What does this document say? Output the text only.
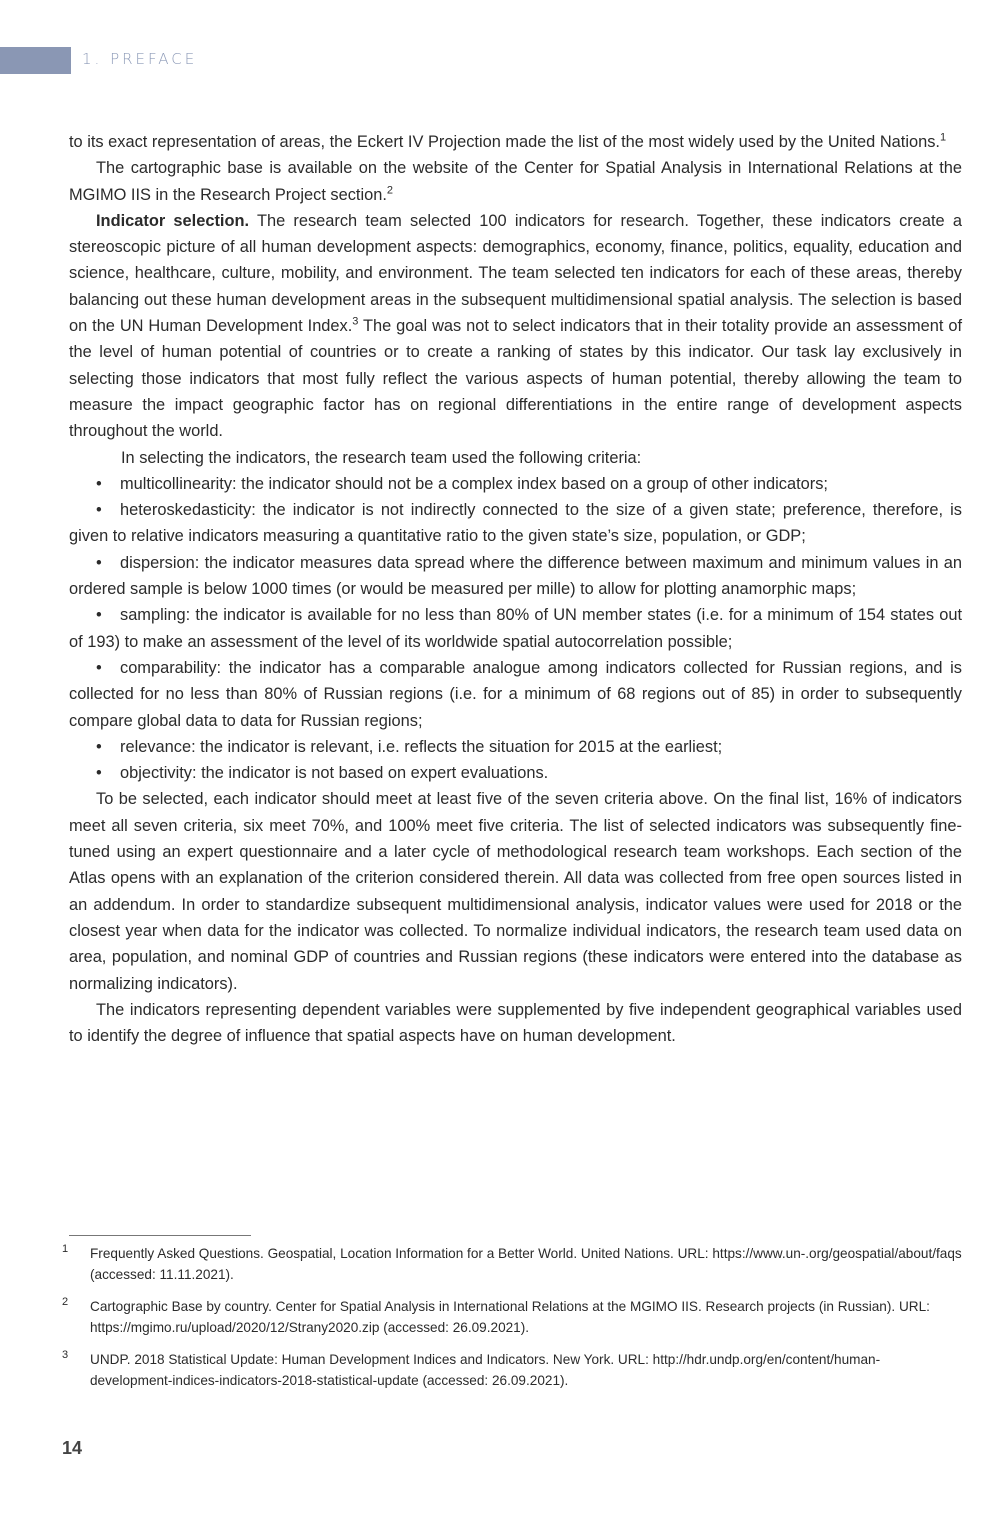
1. PREFACE

to its exact representation of areas, the Eckert IV Projection made the list of the most widely used by the United Nations.$^1$

The cartographic base is available on the website of the Center for Spatial Analysis in International Relations at the MGIMO IIS in the Research Project section.$^2$

Indicator selection. The research team selected 100 indicators for research. Together, these indicators create a stereoscopic picture of all human development aspects: demographics, economy, finance, politics, equality, education and science, healthcare, culture, mobility, and environment. The team selected ten indicators for each of these areas, thereby balancing out these human development areas in the subsequent multidimensional spatial analysis. The selection is based on the UN Human Development Index.$^3$ The goal was not to select indicators that in their totality provide an assessment of the level of human potential of countries or to create a ranking of states by this indicator. Our task lay exclusively in selecting those indicators that most fully reflect the various aspects of human potential, thereby allowing the team to measure the impact geographic factor has on regional differentiations in the entire range of development aspects throughout the world.

In selecting the indicators, the research team used the following criteria:

• multicollinearity: the indicator should not be a complex index based on a group of other indicators;

• heteroskedasticity: the indicator is not indirectly connected to the size of a given state; preference, therefore, is given to relative indicators measuring a quantitative ratio to the given state’s size, population, or GDP;

• dispersion: the indicator measures data spread where the difference between maximum and minimum values in an ordered sample is below 1000 times (or would be measured per mille) to allow for plotting anamorphic maps;

• sampling: the indicator is available for no less than 80% of UN member states (i.e. for a minimum of 154 states out of 193) to make an assessment of the level of its worldwide spatial autocorrelation possible;

• comparability: the indicator has a comparable analogue among indicators collected for Russian regions, and is collected for no less than 80% of Russian regions (i.e. for a minimum of 68 regions out of 85) in order to subsequently compare global data to data for Russian regions;

• relevance: the indicator is relevant, i.e. reflects the situation for 2015 at the earliest;

• objectivity: the indicator is not based on expert evaluations.

To be selected, each indicator should meet at least five of the seven criteria above. On the final list, 16% of indicators meet all seven criteria, six meet 70%, and 100% meet five criteria. The list of selected indicators was subsequently fine-tuned using an expert questionnaire and a later cycle of methodological research team workshops. Each section of the Atlas opens with an explanation of the criterion considered therein. All data was collected from free open sources listed in an addendum. In order to standardize subsequent multidimensional analysis, indicator values were used for 2018 or the closest year when data for the indicator was collected. To normalize individual indicators, the research team used data on area, population, and nominal GDP of countries and Russian regions (these indicators were entered into the database as normalizing indicators).

The indicators representing dependent variables were supplemented by five independent geographical variables used to identify the degree of influence that spatial aspects have on human development.

1 Frequently Asked Questions. Geospatial, Location Information for a Better World. United Nations. URL: https://www.un-.org/geospatial/about/faqs (accessed: 11.11.2021).
2 Cartographic Base by country. Center for Spatial Analysis in International Relations at the MGIMO IIS. Research projects (in Russian). URL: https://mgimo.ru/upload/2020/12/Strany2020.zip (accessed: 26.09.2021).
3 UNDP. 2018 Statistical Update: Human Development Indices and Indicators. New York. URL: http://hdr.undp.org/en/content/human-development-indices-indicators-2018-statistical-update (accessed: 26.09.2021).
14
